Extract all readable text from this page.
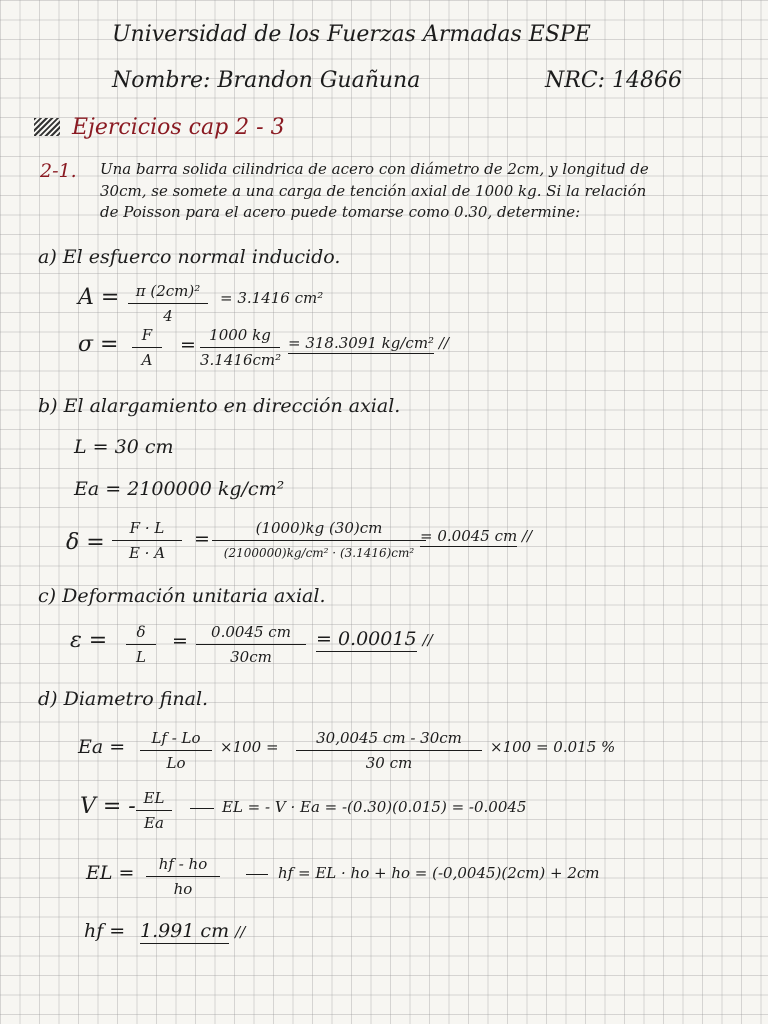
Universidad de los Fuerzas Armadas ESPE
Nombre: Brandon Guañuna	NRC: 14866
Ejercicios cap 2 - 3
2-1. Una barra solida cilindrica de acero con diámetro de 2cm, y longitud de
30cm, se somete a una carga de tención axial de 1000 kg. Si la relación
de Poisson para el acero puede tomarse como 0.30, determine:
a) El esfuerco normal inducido.
A =	π (2cm)²
4
= 3.1416 cm²
σ =	F
A
= 1000 kg
3.1416cm²
= 318.3091 kg/cm² //
b) El alargamiento en dirección axial.
L = 30 cm
Ea = 2100000 kg/cm²
δ =
F · L
E · A
=	(1000)kg (30)cm
(2100000)kg/cm² · (3.1416)cm²
= 0.0045 cm //
c) Deformación unitaria axial.
ε =	δ
L
=	0.0045 cm
30cm
= 0.00015 //
d) Diametro final.
Ea =	Lf - Lo
Lo
×100 =	30,0045 cm - 30cm
30 cm
×100 = 0.015 %
V = - EL
Ea
EL = - V · Ea = -(0.30)(0.015) = -0.0045
EL =	hf - ho
ho
hf = EL · ho + ho = (-0,0045)(2cm) + 2cm
hf = 1.991 cm //
